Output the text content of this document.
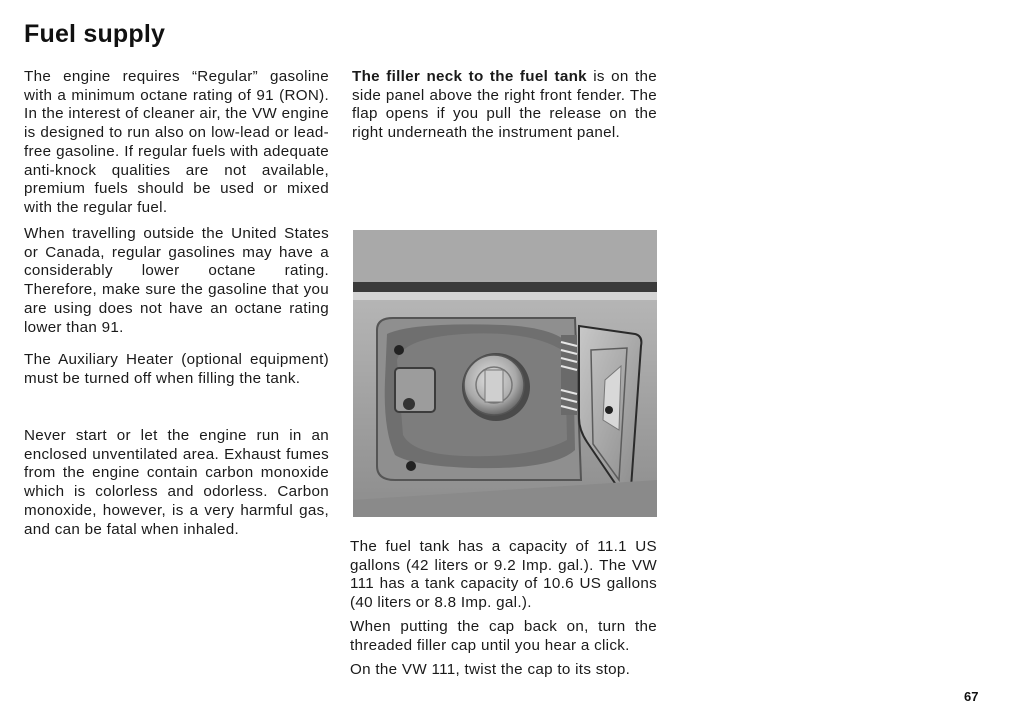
Fuel supply

The engine requires “Regular” gasoline with a minimum octane rating of 91 (RON). In the interest of cleaner air, the VW engine is designed to run also on low-lead or lead-free gasoline. If regular fuels with adequate anti-knock qualities are not available, premium fuels should be used or mixed with the regular fuel.

When travelling outside the United States or Canada, regular gasolines may have a considerably lower octane rating. Therefore, make sure the gasoline that you are using does not have an octane rating lower than 91.

The Auxiliary Heater (optional equipment) must be turned off when filling the tank.

Never start or let the engine run in an enclosed unventilated area. Exhaust fumes from the engine contain carbon monoxide which is colorless and odorless. Carbon monoxide, however, is a very harmful gas, and can be fatal when inhaled.

The filler neck to the fuel tank is on the side panel above the right front fender. The flap opens if you pull the release on the right underneath the instrument panel.

The fuel tank has a capacity of 11.1 US gallons (42 liters or 9.2 Imp. gal.). The VW 111 has a tank capacity of 10.6 US gallons (40 liters or 8.8 Imp. gal.).

When putting the cap back on, turn the threaded filler cap until you hear a click.

On the VW 111, twist the cap to its stop.

67
